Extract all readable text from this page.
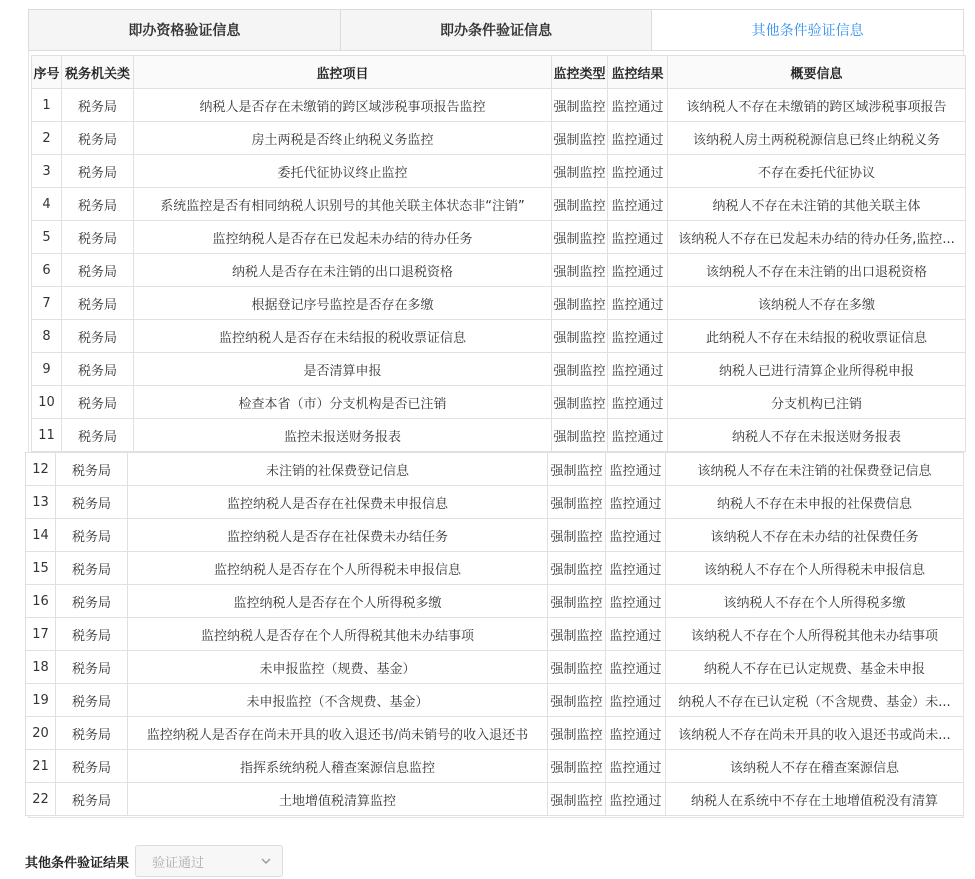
即办资格验证信息	即办条件验证信息	其他条件验证信息
序号	税务机关类	监控项目	监控类型	监控结果	概要信息
1	税务局	纳税人是否存在未缴销的跨区域涉税事项报告监控	强制监控	监控通过	该纳税人不存在未缴销的跨区域涉税事项报告
2	税务局	房土两税是否终止纳税义务监控	强制监控	监控通过	该纳税人房土两税税源信息已终止纳税义务
3	税务局	委托代征协议终止监控	强制监控	监控通过	不存在委托代征协议
4	税务局	系统监控是否有相同纳税人识别号的其他关联主体状态非“注销”	强制监控	监控通过	纳税人不存在未注销的其他关联主体
5	税务局	监控纳税人是否存在已发起未办结的待办任务	强制监控	监控通过	该纳税人不存在已发起未办结的待办任务,监控...
6	税务局	纳税人是否存在未注销的出口退税资格	强制监控	监控通过	该纳税人不存在未注销的出口退税资格
7	税务局	根据登记序号监控是否存在多缴	强制监控	监控通过	该纳税人不存在多缴
8	税务局	监控纳税人是否存在未结报的税收票证信息	强制监控	监控通过	此纳税人不存在未结报的税收票证信息
9	税务局	是否清算申报	强制监控	监控通过	纳税人已进行清算企业所得税申报
10	税务局	检查本省（市）分支机构是否已注销	强制监控	监控通过	分支机构已注销
11	税务局	监控未报送财务报表	强制监控	监控通过	纳税人不存在未报送财务报表
12	税务局	未注销的社保费登记信息	强制监控	监控通过	该纳税人不存在未注销的社保费登记信息
13	税务局	监控纳税人是否存在社保费未申报信息	强制监控	监控通过	纳税人不存在未申报的社保费信息
14	税务局	监控纳税人是否存在社保费未办结任务	强制监控	监控通过	该纳税人不存在未办结的社保费任务
15	税务局	监控纳税人是否存在个人所得税未申报信息	强制监控	监控通过	该纳税人不存在个人所得税未申报信息
16	税务局	监控纳税人是否存在个人所得税多缴	强制监控	监控通过	该纳税人不存在个人所得税多缴
17	税务局	监控纳税人是否存在个人所得税其他未办结事项	强制监控	监控通过	该纳税人不存在个人所得税其他未办结事项
18	税务局	未申报监控（规费、基金）	强制监控	监控通过	纳税人不存在已认定规费、基金未申报
19	税务局	未申报监控（不含规费、基金）	强制监控	监控通过	纳税人不存在已认定税（不含规费、基金）未...
20	税务局	监控纳税人是否存在尚未开具的收入退还书/尚未销号的收入退还书	强制监控	监控通过	该纳税人不存在尚未开具的收入退还书或尚未...
21	税务局	指挥系统纳税人稽查案源信息监控	强制监控	监控通过	该纳税人不存在稽查案源信息
22	税务局	土地增值税清算监控	强制监控	监控通过	纳税人在系统中不存在土地增值税没有清算
其他条件验证结果 验证通过
